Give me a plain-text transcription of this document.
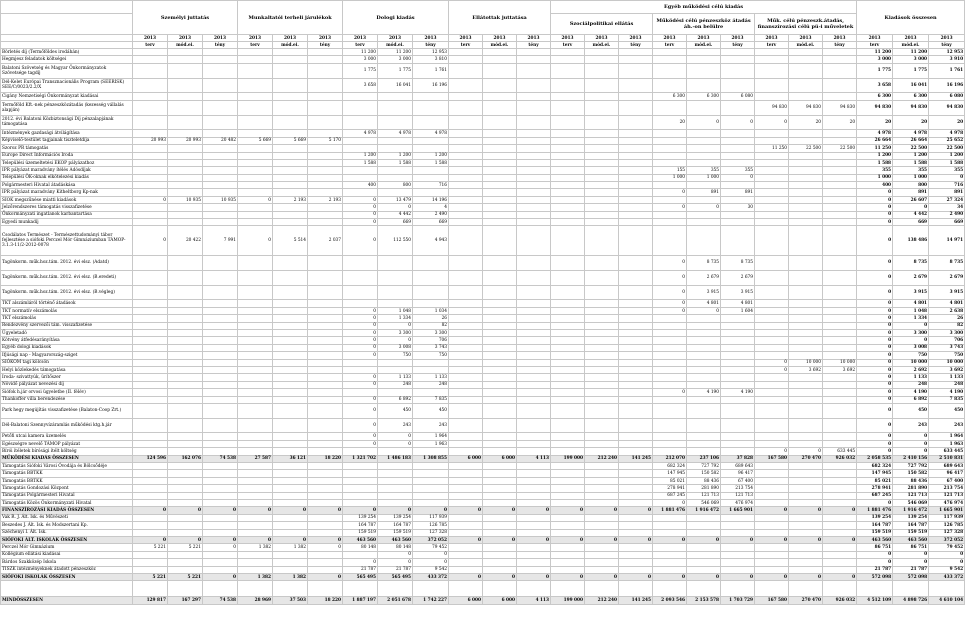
	Személyi juttatás			Munkaltatói terheli járulékok			Dologi kiadás			Ellátottak juttatása			Egyéb működési célú kiadás									Kiadások összesen		
													Szociálpolitikai ellátás			Működési célú pénzeszköz átadás áh.-on belülre			Műk. célú pénzeszk.átadás, finanszírozási célú pü-i műveletek					
	2013	2013	2013	2013	2013	2013	2013	2013	2013	2013	2013	2013	2013	2013	2013	2013	2013	2013	2013	2013	2013	2013	2013	2013
	terv	mód.ei.	tény	terv	mód.ei.	tény	terv	mód.ei.	tény	terv	mód.ei.	tény	terv	mód.ei.	tény	terv	mód.ei.	tény	terv	mód.ei.	tény	terv	mód.ei.	tény
Börletés díj (Termőföldes irodáhán)							11 200	11 200	12 953													11 200	11 200	12 953
Hegmjesz feladatok költségei							3 000	3 000	3 810													3 000	3 000	3 910
Balatoni Szövetség és Magyar Önkormányzatok Szövetsége tagdíj							1 775	1 775	1 761													1 775	1 775	1 761
Dél-Kelet Európai Transznacionális Program (SEERISK) SEE/C/0023/2.2/X							3 658	16 041	16 196													3 658	16 041	16 196
Cigány Nemzetiségi Önkormányzat kiadásai																6 300	6 300	6 080				6 300	6 300	6 080
Termőföld Kft.-nek pénzeszközátadás (kezesség vállalás alapján)																			94 830	94 830	94 830	94 830	94 830	94 830
2012. évi Balatoni Közbiztonsági Díj pénzalapjának támogatása																20	0	0	0	20	20	20	20	20
Intézmények gazdasági átvilágítása							4 978	4 978	4 978													4 978	4 978	4 978
Képviselő-testület tagjainak tiszteletdíja	20 993	20 993	20 482	5 669	5 669	5 170																26 664	26 664	25 652
Szoroz PR támogatás																			11 250	22 500	22 500	11 250	22 500	22 500
Europe Direct Információs Iroda							1 200	1 200	1 200													1 200	1 200	1 200
Települési üzemeltetési EKOP pályázathoz							1 588	1 588	1 588													1 588	1 588	1 588
IPR pályázat maradvány ítélés Adósdíjak																155	355	355				355	355	355
Települési ÖK-oknak elkötelezési kiadás																1 000	1 000	0				1 000	1 000	0
Polgármesteri Hivatal átadáskása							400	800	716													400	800	716
IPR pályázat maradvány Kitheltborg Kp-nak																0	891	891				0	891	891
SIOK megszűnése miatti kiadások	0	10 935	10 935	0	2 193	2 193	0	13 479	14 196													0	26 607	27 324
Jelzőrendszeres támogatás visszafizetése							0	0	4							0	0	30				0	0	34
Önkormányzati ingatlanok karbantartása							0	4 442	2 490													0	4 442	2 490
Egyedi munkadíj							0	669	669													0	669	669
Csodálatos Természet - Természettudományi tábor fejlesztése a siófoki Perczel Mór Gimnáziumban TÁMOP-3.1.3-11/2-2012-0078	0	20 422	7 991	0	5 514	2 037	0	112 550	4 943													0	138 486	14 971
Tagönkorm. műk.hoz.tám. 2012. évi elsz. (Adatd)																0	8 735	8 735				0	8 735	8 735
Tagönkorm. műk.hoz.tám. 2012. évi elsz. (B.eredeti)																0	2 679	2 679				0	2 679	2 679
Tagönkorm. műk.hoz.tám. 2012. évi elsz. (B.végleg)																0	3 915	3 915				0	3 915	3 915
TKT alszámláról történő átadások																0	4 801	4 801				0	4 801	4 801
TKT normatív elszámolás							0	1 048	1 034							0	0	1 604				0	1 048	2 638
TKT elszámolás							0	1 334	26													0	1 334	26
Rendezvény szervezői tám. visszafizetése							0	0	82													0	0	82
Ügyeletadó							0	3 300	3 300													0	3 300	3 300
Kötvény átfedésarányítása							0	0	706													0	0	706
Egyéb dologi kiadások							0	3 008	3 743													0	3 008	3 743
Ifjúsági nap - Magyarország-sziget							0	750	750													0	750	750
SIÓKOM tagi kölcsön																			0	10 000	10 000	0	10 000	10 000
Helyi közlekedés támogatása																			0	3 692	3 692	0	2 692	3 692
Iroda- szivattyúk, ürítőszer							0	1 133	1 133													0	1 133	1 133
Növidő pályázat nevezési díj							0	248	248													0	248	248
Siófok h.jár orvosi ügyeletbe (II. félév)																0	4 190	4 190				0	4 190	4 190
Thankoffer villa berendezése							0	6 892	7 835													0	6 892	7 835
Park hegy megújítás visszafizetése (Balaton-Coop Zrt.)							0	450	450													0	450	450
Dél-Balatoni Szennyvízáramlás működési ktg.h.jár							0	243	243													0	243	243
Petőfi utcai kamera üzemelés							0	0	1 964													0	0	1 964
Egészségre nevelő TÁMOP pályázat							0	0	1 963													0	0	1 963
Bírói ítéletek bírósági ítélt költség																			0	0	633 445	0	0	633 445
MŰKÖDÉSI KIADÁS ÖSSZESEN	124 596	162 076	74 538	27 587	36 121	18 220	1 321 702	1 486 183	1 308 855	6 000	6 000	4 113	199 000	212 240	141 245	212 070	237 106	37 828	167 580	270 470	926 032	2 058 535	2 410 156	2 510 831
Támogatás Siófoki Városi Óvodája és Bölcsődéje																682 324	727 792	689 643				682 324	727 792	689 643
Támogatás BBTKK																147 945	150 582	96 417				147 945	150 582	96 417
Támogatás BRTKK																85 021	88 436	67 400				85 021	88 436	67 400
Támogatás Gondozási Központ																278 941	281 890	213 754				278 941	281 890	213 754
Támogatás Polgármesteri Hivatal																687 245	121 713	121 713				687 245	121 713	121 713
Támogatás Közös Önkormányzati Hivatal																0	546 069	476 974				0	546 069	476 974
FINANSZÍROZÁSI KIADÁS ÖSSZESEN	0	0	0	0	0	0	0	0	0	0	0	0	0	0	0	1 881 476	1 916 472	1 665 901	0	0	0	1 881 476	1 916 472	1 665 901
Vak R. J. Ált. Isk. és Művészeti							139 254	139 254	117 939													139 254	139 254	117 939
Beszedes J. Ált. Isk. és Modszertani Kp.							164 787	164 787	126 785													164 787	164 787	126 785
Széchenyi I. Ált. Isk.							159 519	159 519	127 328													159 519	159 519	127 328
SIÓFOKI ÁLT. ISKOLÁK ÖSSZESEN	0	0	0	0	0	0	463 560	463 560	372 052	0	0	0	0	0	0	0	0	0	0	0	0	463 560	463 560	372 052
Perczel Mór Gimnázium	5 221	5 221	0	1 382	1 382	0	80 148	80 148	79 452													86 751	86 751	79 452
Kollégium ellátási kiadásai								0	0													0	0	0
Bárdos Szakközép Iskola							0	0	0													0	0	0
TISZK intézményeknek átadott pénzeszköz							21 787	21 787	9 542													21 787	21 787	9 542
SIÓFOKI ISKOLÁK ÖSSZESEN	5 221	5 221	0	1 382	1 382	0	565 495	565 495	433 372	0	0	0	0	0	0	0	0	0	0	0	0	572 098	572 098	433 372

MINDÖSSZESEN	129 817	167 297	74 538	28 969	37 503	18 220	1 887 197	2 051 678	1 742 227	6 000	6 000	4 113	199 000	212 240	141 245	2 093 546	2 153 578	1 703 729	167 580	270 470	926 032	4 512 109	4 898 726	4 610 104
